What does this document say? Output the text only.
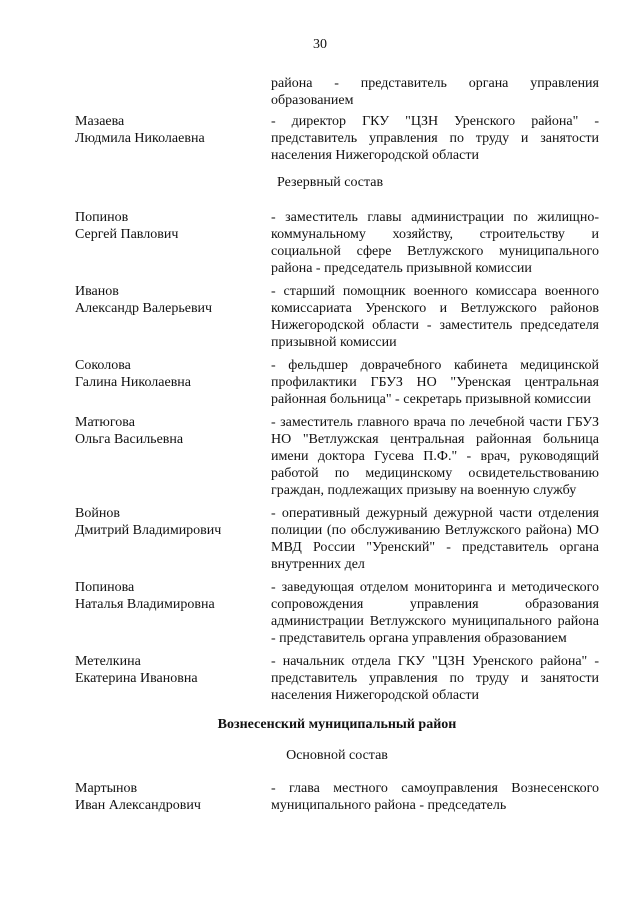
30
района - представитель органа управления образованием
Мазаева
Людмила Николаевна
- директор ГКУ "ЦЗН Уренского района" - представитель управления по труду и занятости населения Нижегородской области
Резервный состав
Попинов
Сергей Павлович
- заместитель главы администрации по жилищно-коммунальному хозяйству, строительству и социальной сфере Ветлужского муниципального района - председатель призывной комиссии
Иванов
Александр Валерьевич
- старший помощник военного комиссара военного комиссариата Уренского и Ветлужского районов Нижегородской области - заместитель председателя призывной комиссии
Соколова
Галина Николаевна
- фельдшер доврачебного кабинета медицинской профилактики ГБУЗ НО "Уренская центральная районная больница" - секретарь призывной комиссии
Матюгова
Ольга Васильевна
- заместитель главного врача по лечебной части ГБУЗ НО "Ветлужская центральная районная больница имени доктора Гусева П.Ф." - врач, руководящий работой по медицинскому освидетельствованию граждан, подлежащих призыву на военную службу
Войнов
Дмитрий Владимирович
- оперативный дежурный дежурной части отделения полиции (по обслуживанию Ветлужского района) МО МВД России "Уренский" - представитель органа внутренних дел
Попинова
Наталья Владимировна
- заведующая отделом мониторинга и методического сопровождения управления образования администрации Ветлужского муниципального района - представитель органа управления образованием
Метелкина
Екатерина Ивановна
- начальник отдела ГКУ "ЦЗН Уренского района" - представитель управления по труду и занятости населения Нижегородской области
Вознесенский муниципальный район
Основной состав
Мартынов
Иван Александрович
- глава местного самоуправления Вознесенского муниципального района - председатель
